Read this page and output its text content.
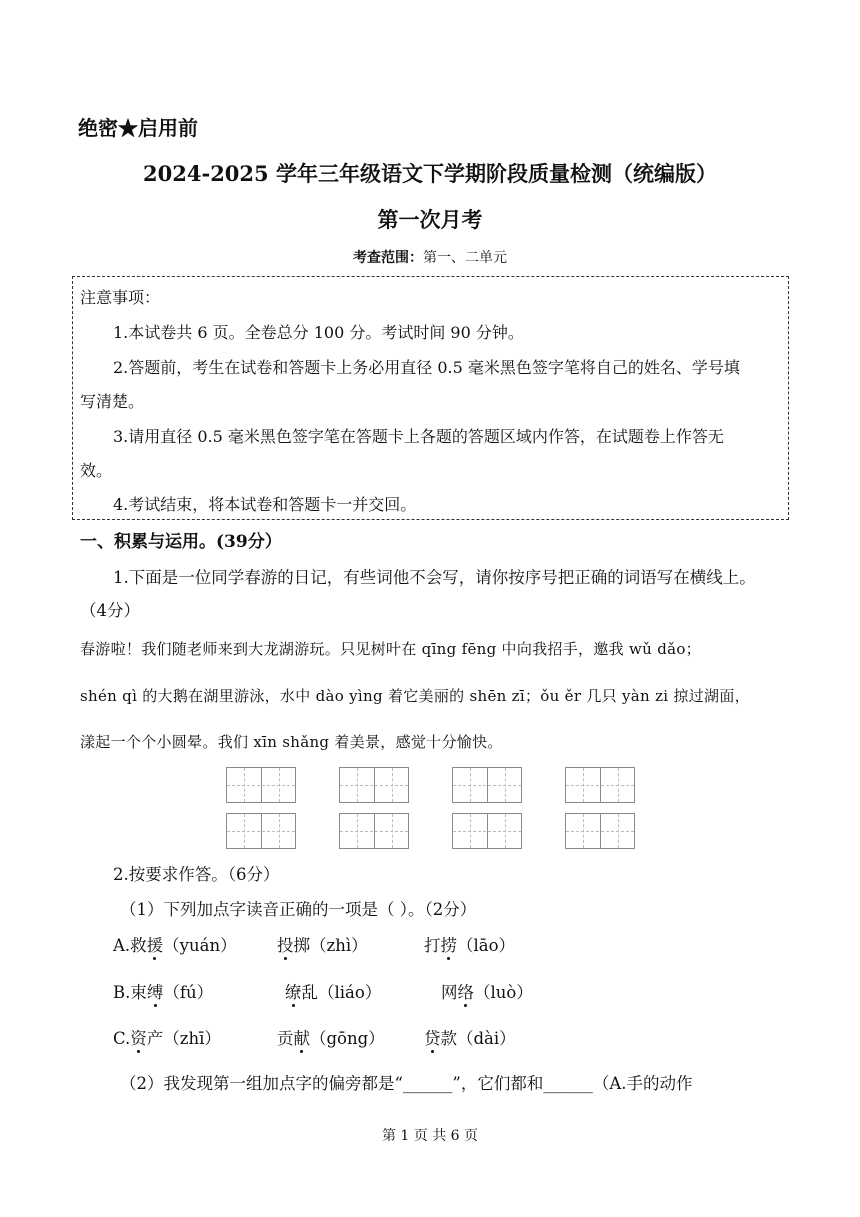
绝密★启用前
2024-2025 学年三年级语文下学期阶段质量检测（统编版）
第一次月考
考查范围：第一、二单元
注意事项：
1.本试卷共 6 页。全卷总分 100 分。考试时间 90 分钟。
2.答题前，考生在试卷和答题卡上务必用直径 0.5 毫米黑色签字笔将自己的姓名、学号填
写清楚。
3.请用直径 0.5 毫米黑色签字笔在答题卡上各题的答题区域内作答，在试题卷上作答无
效。
4.考试结束，将本试卷和答题卡一并交回。
一、积累与运用。(39分）
1.下面是一位同学春游的日记，有些词他不会写，请你按序号把正确的词语写在横线上。
（4分）
春游啦！我们随老师来到大龙湖游玩。只见树叶在 qīng fēng 中向我招手，邀我 wǔ dǎo；
shén qì 的大鹅在湖里游泳，水中 dào yìng 着它美丽的 shēn zī；ǒu ěr 几只 yàn zi 掠过湖面，
漾起一个个小圆晕。我们 xīn shǎng 着美景，感觉十分愉快。
2.按要求作答。（6分）
（1）下列加点字读音正确的一项是（ ）。（2分）
A.救援（yuán） 投掷（zhì）	打捞（lāo）
B.束缚（fú）	缭乱（liáo）	网络（luò）
C.资产（zhī）	贡献（gōng） 贷款（dài）
（2）我发现第一组加点字的偏旁都是“______”，它们都和______（A.手的动作
第 1 页 共 6 页
